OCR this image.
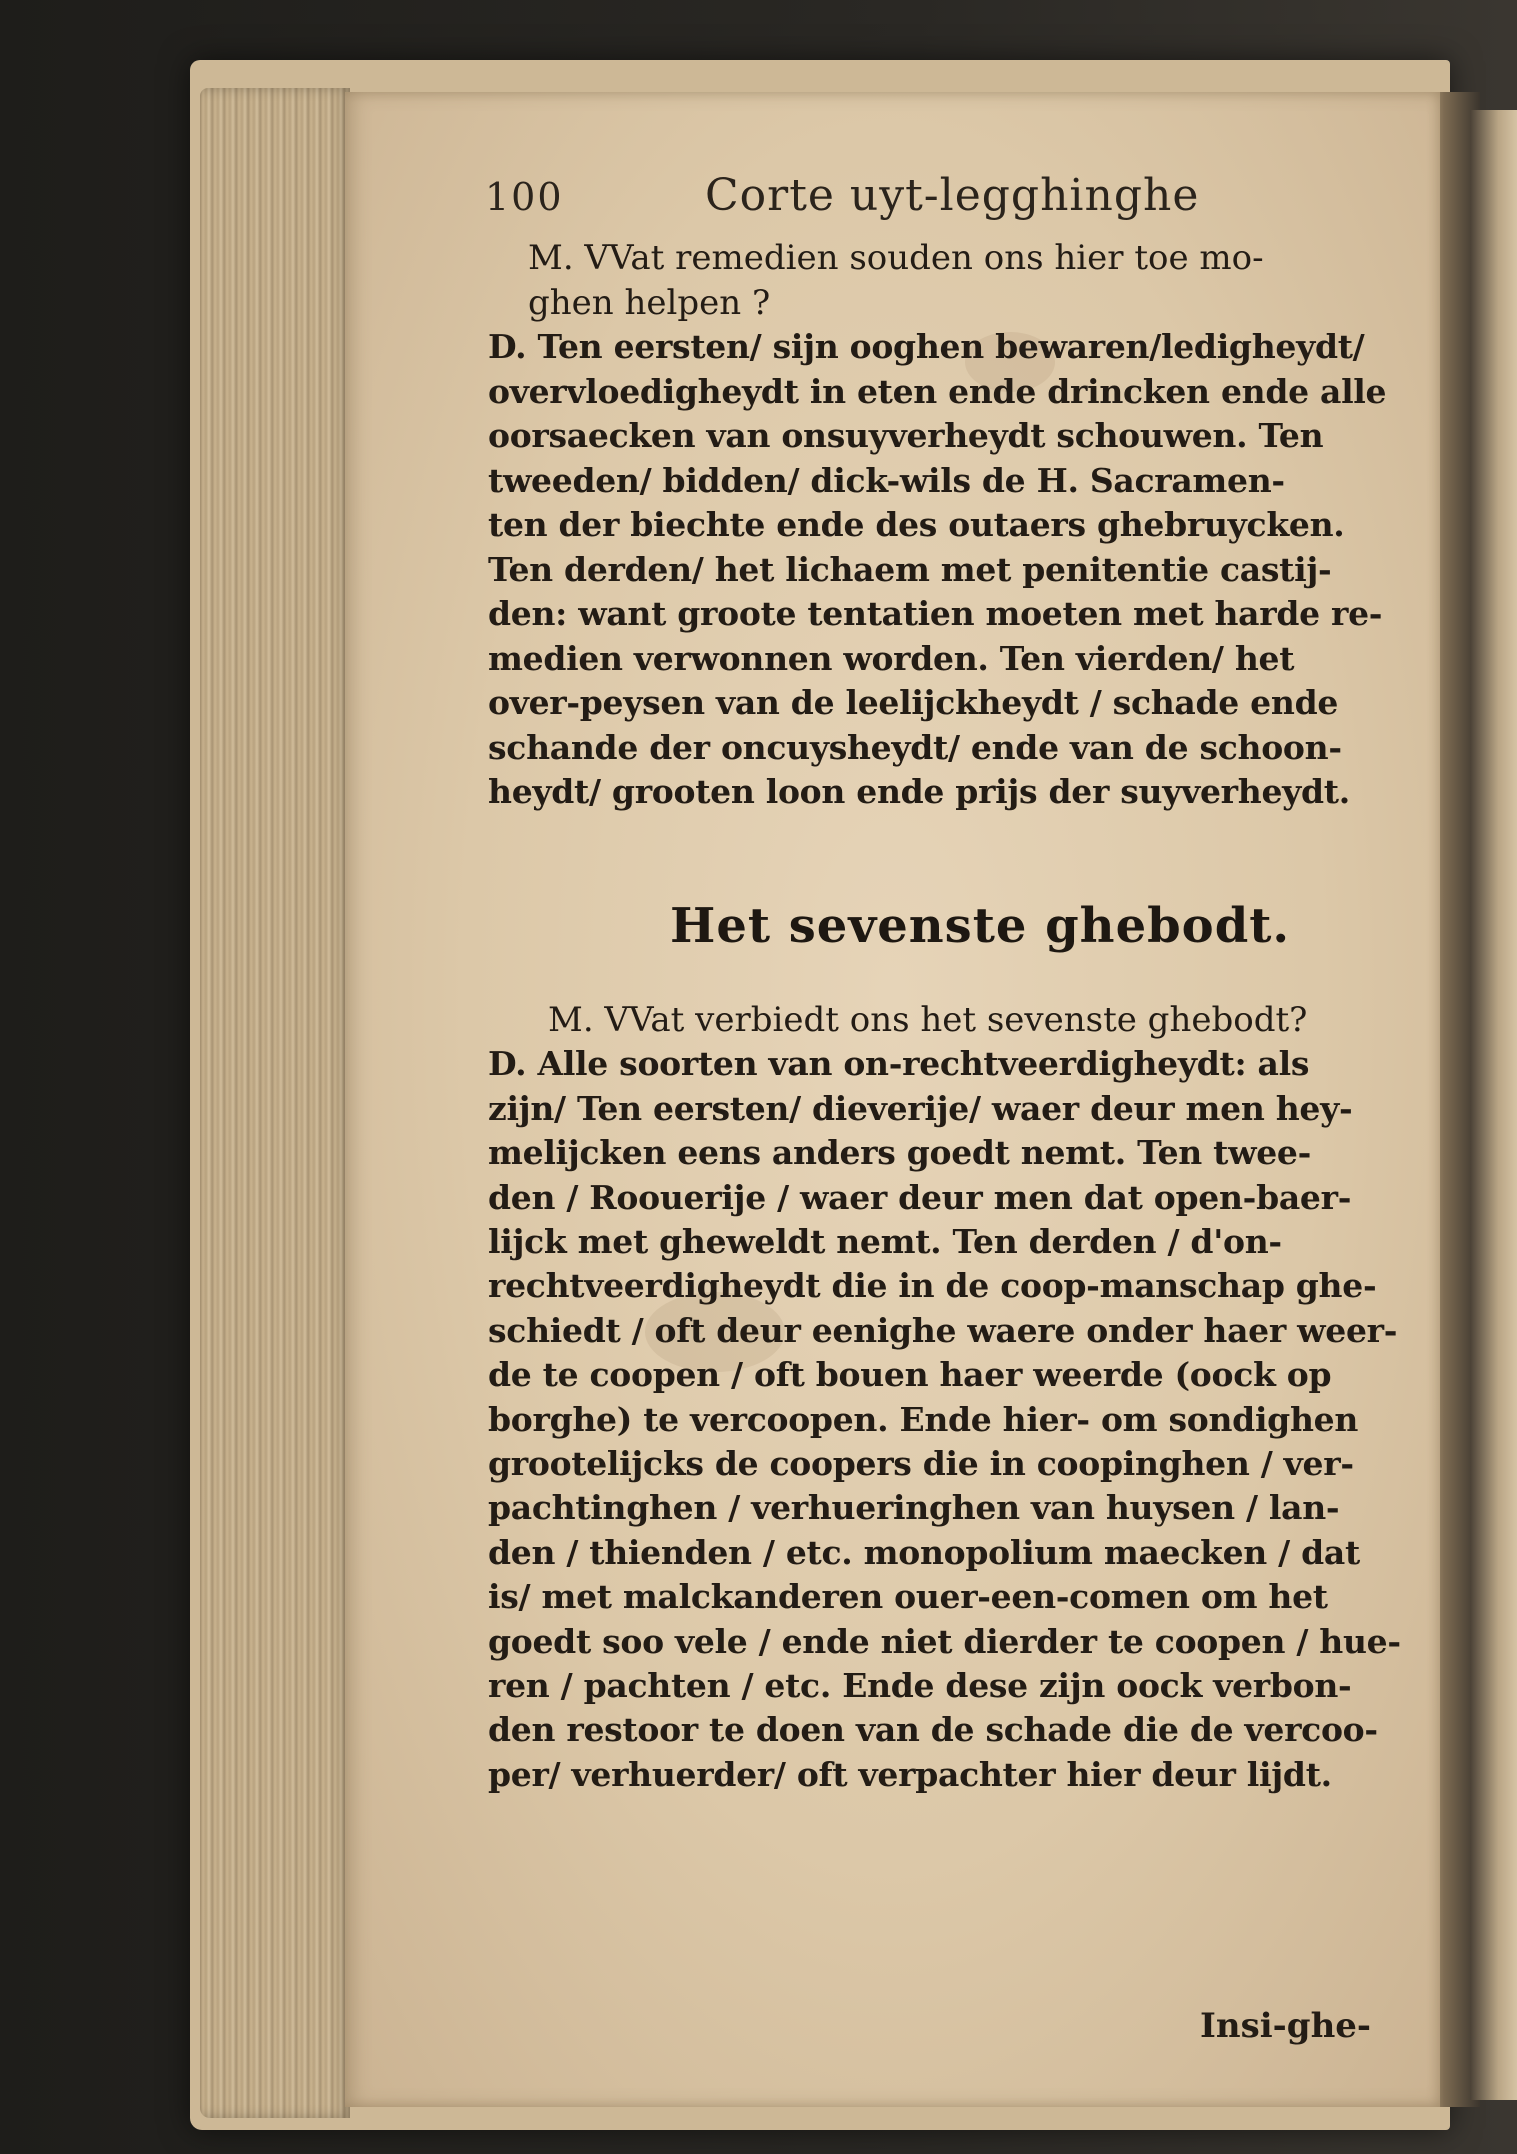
100	Corte uyt-legghinghe
M. VVat remedien souden ons hier toe mo-
ghen helpen ?
D. Ten eersten/ sijn ooghen bewaren/ledigheydt/
overvloedigheydt in eten ende drincken ende alle
oorsaecken van onsuyverheydt schouwen. Ten
tweeden/ bidden/ dick-wils de H. Sacramen-
ten der biechte ende des outaers ghebruycken.
Ten derden/ het lichaem met penitentie castij-
den: want groote tentatien moeten met harde re-
medien verwonnen worden. Ten vierden/ het
over-peysen van de leelijckheydt / schade ende
schande der oncuysheydt/ ende van de schoon-
heydt/ grooten loon ende prijs der suyverheydt.
Het sevenste ghebodt.
M. VVat verbiedt ons het sevenste ghebodt?
D. Alle soorten van on-rechtveerdigheydt: als
zijn/ Ten eersten/ dieverije/ waer deur men hey-
melijcken eens anders goedt nemt. Ten twee-
den / Roouerije / waer deur men dat open-baer-
lijck met gheweldt nemt. Ten derden / d'on-
rechtveerdigheydt die in de coop-manschap ghe-
schiedt / oft deur eenighe waere onder haer weer-
de te coopen / oft bouen haer weerde (oock op
borghe) te vercoopen. Ende hier- om sondighen
grootelijcks de coopers die in coopinghen / ver-
pachtinghen / verhueringhen van huysen / lan-
den / thienden / etc. monopolium maecken / dat
is/ met malckanderen ouer-een-comen om het
goedt soo vele / ende niet dierder te coopen / hue-
ren / pachten / etc. Ende dese zijn oock verbon-
den restoor te doen van de schade die de vercoo-
per/ verhuerder/ oft verpachter hier deur lijdt.
Insi-ghe-
